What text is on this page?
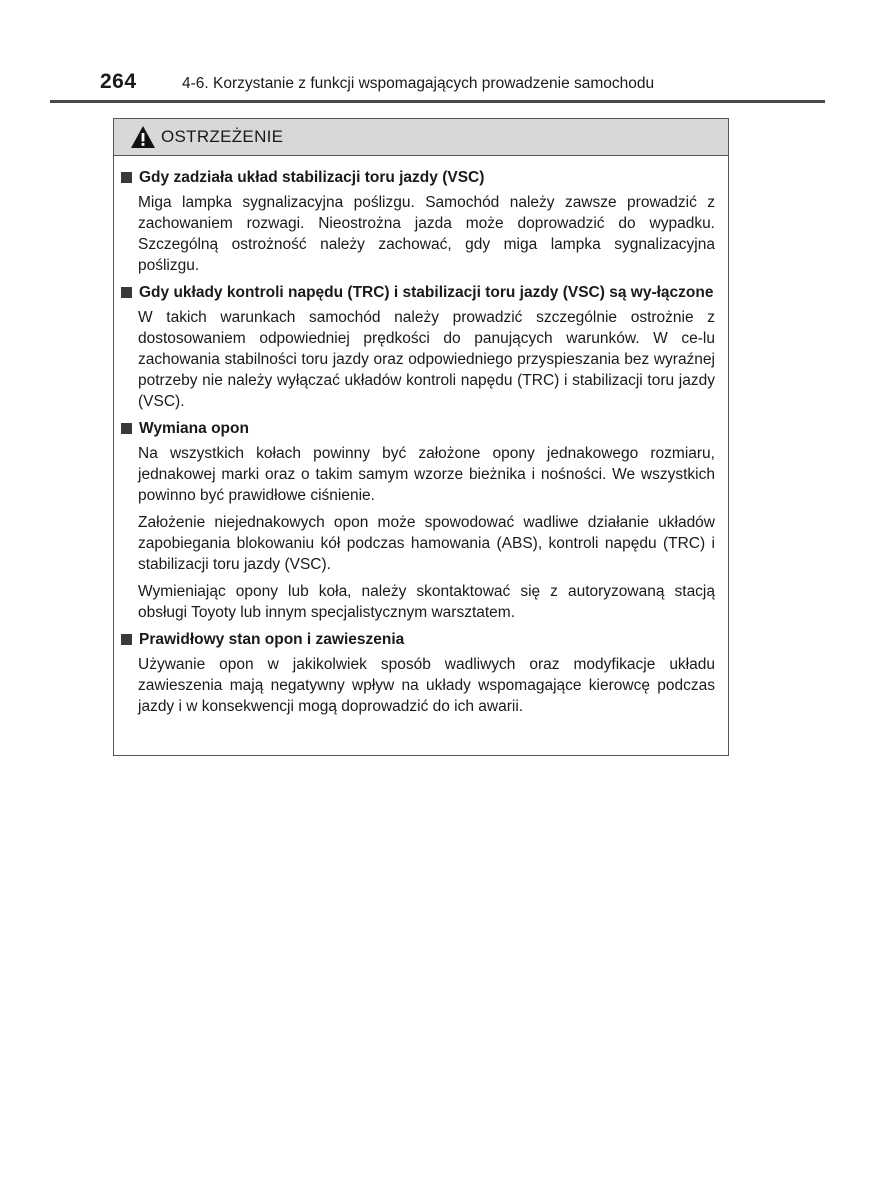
264	4-6. Korzystanie z funkcji wspomagających prowadzenie samochodu
OSTRZEŻENIE
Gdy zadziała układ stabilizacji toru jazdy (VSC)

Miga lampka sygnalizacyjna poślizgu. Samochód należy zawsze prowadzić z zachowaniem rozwagi. Nieostrożna jazda może doprowadzić do wypadku. Szczególną ostrożność należy zachować, gdy miga lampka sygnalizacyjna poślizgu.

Gdy układy kontroli napędu (TRC) i stabilizacji toru jazdy (VSC) są wy-łączone

W takich warunkach samochód należy prowadzić szczególnie ostrożnie z dostosowaniem odpowiedniej prędkości do panujących warunków. W ce-lu zachowania stabilności toru jazdy oraz odpowiedniego przyspieszania bez wyraźnej potrzeby nie należy wyłączać układów kontroli napędu (TRC) i stabilizacji toru jazdy (VSC).

Wymiana opon

Na wszystkich kołach powinny być założone opony jednakowego rozmiaru, jednakowej marki oraz o takim samym wzorze bieżnika i nośności. We wszystkich powinno być prawidłowe ciśnienie.

Założenie niejednakowych opon może spowodować wadliwe działanie układów zapobiegania blokowaniu kół podczas hamowania (ABS), kontroli napędu (TRC) i stabilizacji toru jazdy (VSC).

Wymieniając opony lub koła, należy skontaktować się z autoryzowaną stacją obsługi Toyoty lub innym specjalistycznym warsztatem.

Prawidłowy stan opon i zawieszenia

Używanie opon w jakikolwiek sposób wadliwych oraz modyfikacje układu zawieszenia mają negatywny wpływ na układy wspomagające kierowcę podczas jazdy i w konsekwencji mogą doprowadzić do ich awarii.
